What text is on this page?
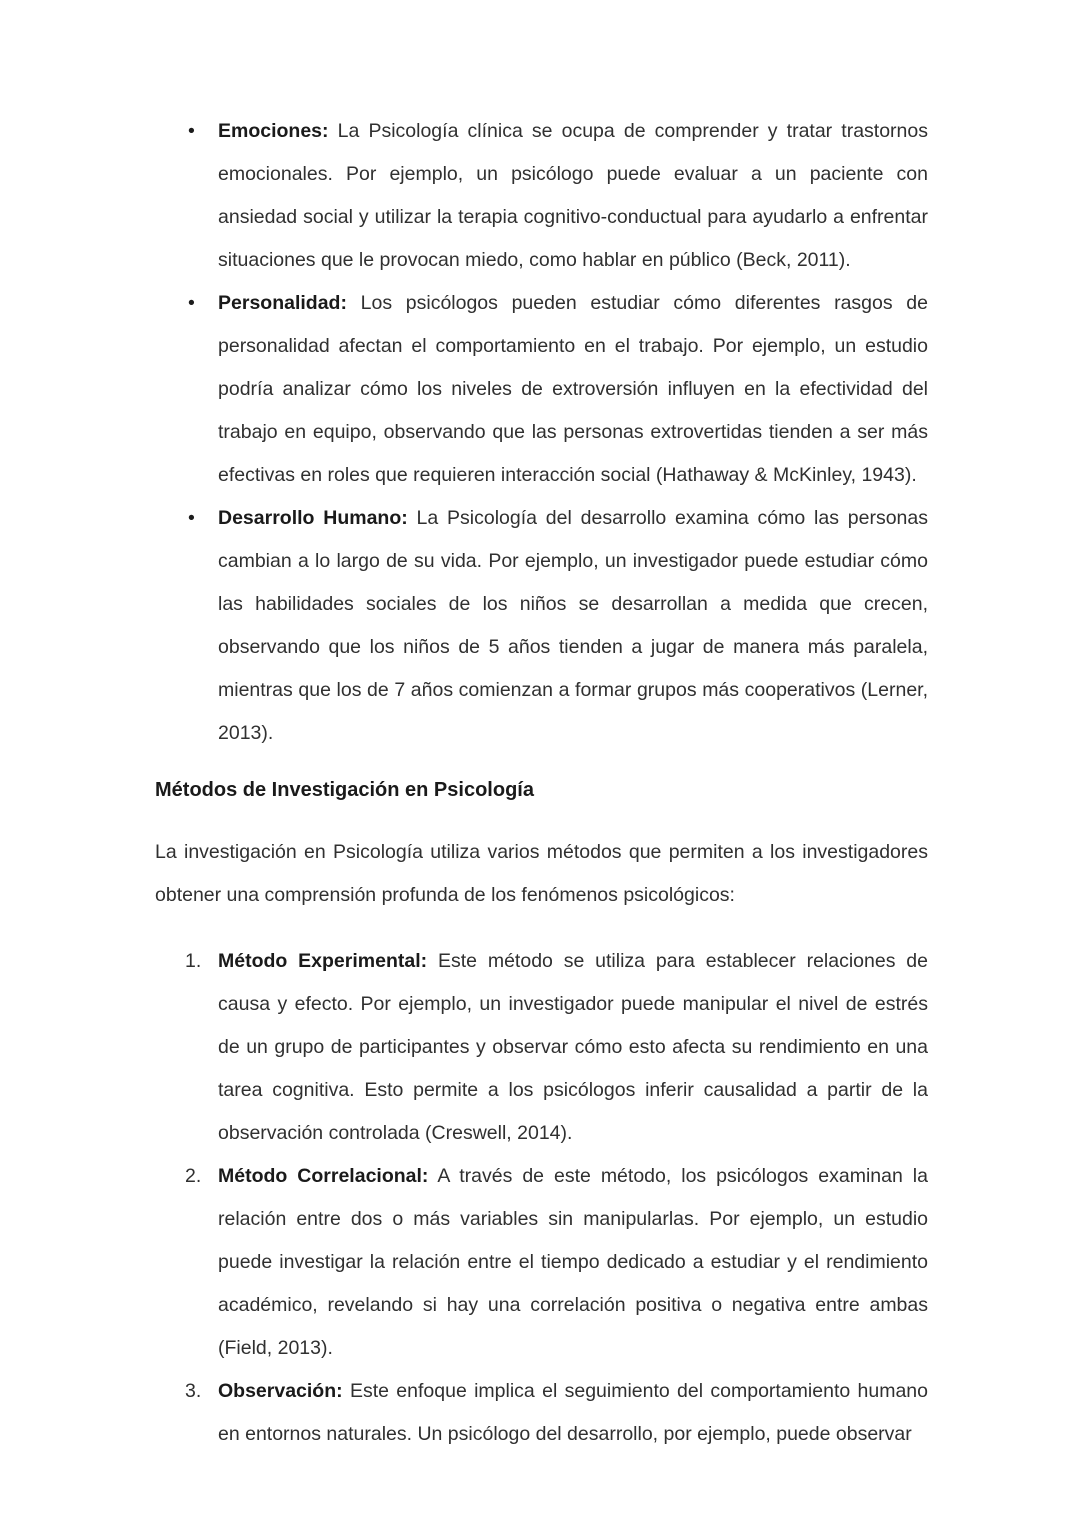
• Emociones: La Psicología clínica se ocupa de comprender y tratar trastornos emocionales. Por ejemplo, un psicólogo puede evaluar a un paciente con ansiedad social y utilizar la terapia cognitivo-conductual para ayudarlo a enfrentar situaciones que le provocan miedo, como hablar en público (Beck, 2011).
• Personalidad: Los psicólogos pueden estudiar cómo diferentes rasgos de personalidad afectan el comportamiento en el trabajo. Por ejemplo, un estudio podría analizar cómo los niveles de extroversión influyen en la efectividad del trabajo en equipo, observando que las personas extrovertidas tienden a ser más efectivas en roles que requieren interacción social (Hathaway & McKinley, 1943).
• Desarrollo Humano: La Psicología del desarrollo examina cómo las personas cambian a lo largo de su vida. Por ejemplo, un investigador puede estudiar cómo las habilidades sociales de los niños se desarrollan a medida que crecen, observando que los niños de 5 años tienden a jugar de manera más paralela, mientras que los de 7 años comienzan a formar grupos más cooperativos (Lerner, 2013).
Métodos de Investigación en Psicología

La investigación en Psicología utiliza varios métodos que permiten a los investigadores obtener una comprensión profunda de los fenómenos psicológicos:

1. Método Experimental: Este método se utiliza para establecer relaciones de causa y efecto. Por ejemplo, un investigador puede manipular el nivel de estrés de un grupo de participantes y observar cómo esto afecta su rendimiento en una tarea cognitiva. Esto permite a los psicólogos inferir causalidad a partir de la observación controlada (Creswell, 2014).
2. Método Correlacional: A través de este método, los psicólogos examinan la relación entre dos o más variables sin manipularlas. Por ejemplo, un estudio puede investigar la relación entre el tiempo dedicado a estudiar y el rendimiento académico, revelando si hay una correlación positiva o negativa entre ambas (Field, 2013).
3. Observación: Este enfoque implica el seguimiento del comportamiento humano en entornos naturales. Un psicólogo del desarrollo, por ejemplo, puede observar
